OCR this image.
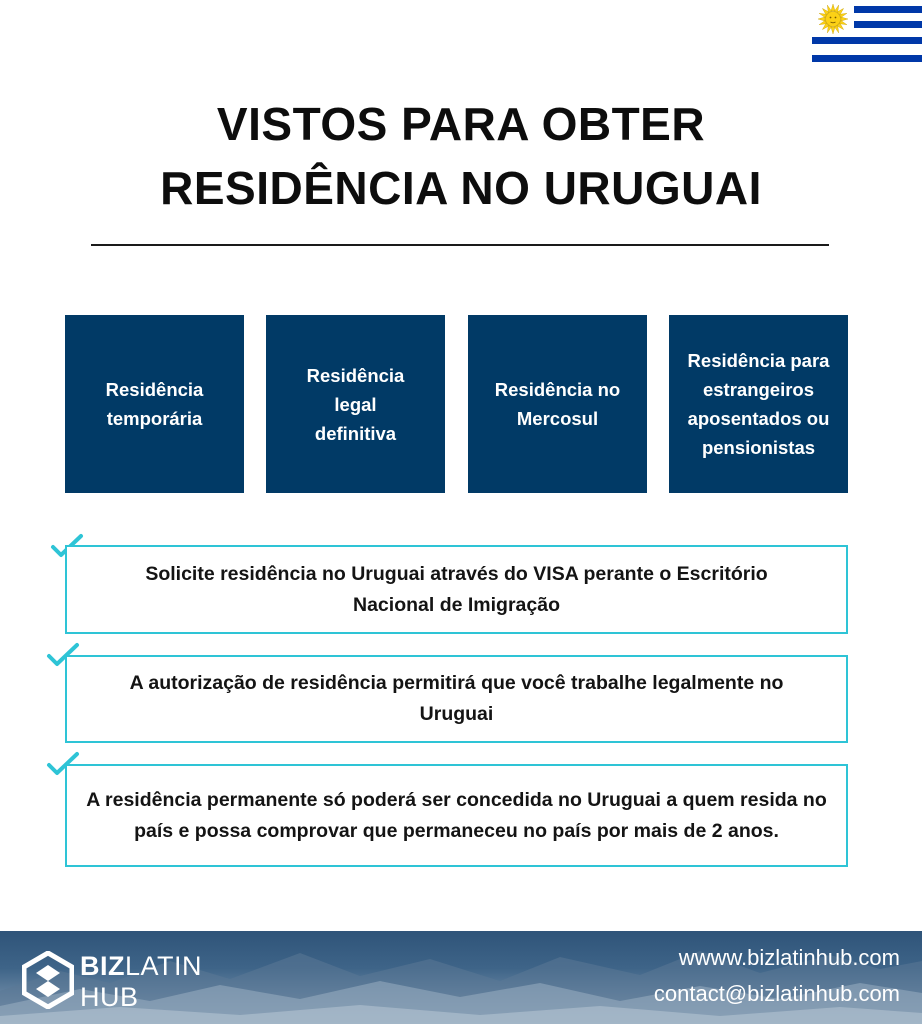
VISTOS PARA OBTER
RESIDÊNCIA NO URUGUAI
Residência temporária
Residência legal definitiva
Residência no Mercosul
Residência para estrangeiros aposentados ou pensionistas
Solicite residência no Uruguai através do VISA perante o Escritório Nacional de Imigração
A autorização de residência permitirá que você trabalhe legalmente no Uruguai
A residência permanente só poderá ser concedida no Uruguai a quem resida no país e possa comprovar que permaneceu no país por mais de 2 anos.
BIZLATIN
HUB
wwww.bizlatinhub.com
contact@bizlatinhub.com
